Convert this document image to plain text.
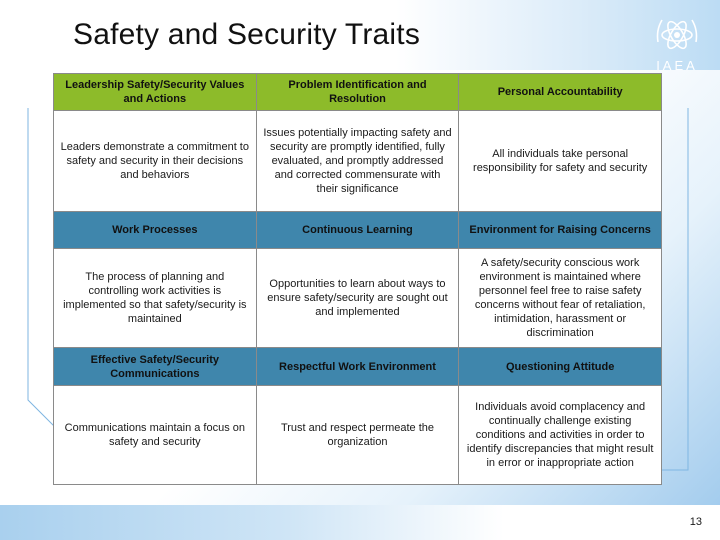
Safety and Security Traits
IAEA
Leadership Safety/Security Values and Actions	Problem Identification and Resolution	Personal Accountability
Leaders demonstrate a commitment to safety and security in their decisions and behaviors	Issues potentially impacting safety and security are promptly identified, fully evaluated, and promptly addressed and corrected commensurate with their significance	All individuals take personal responsibility for safety and security
Work Processes	Continuous Learning	Environment for Raising Concerns
The process of planning and controlling work activities is implemented so that safety/security is maintained	Opportunities to learn about ways to ensure safety/security are sought out and implemented	A safety/security conscious work environment is maintained where personnel feel free to raise safety concerns without fear of retaliation, intimidation, harassment or discrimination
Effective Safety/Security Communications	Respectful Work Environment	Questioning Attitude
Communications maintain a focus on safety and security	Trust and respect permeate the organization	Individuals avoid complacency and continually challenge existing conditions and activities in order to identify discrepancies that might result in error or inappropriate action
13
